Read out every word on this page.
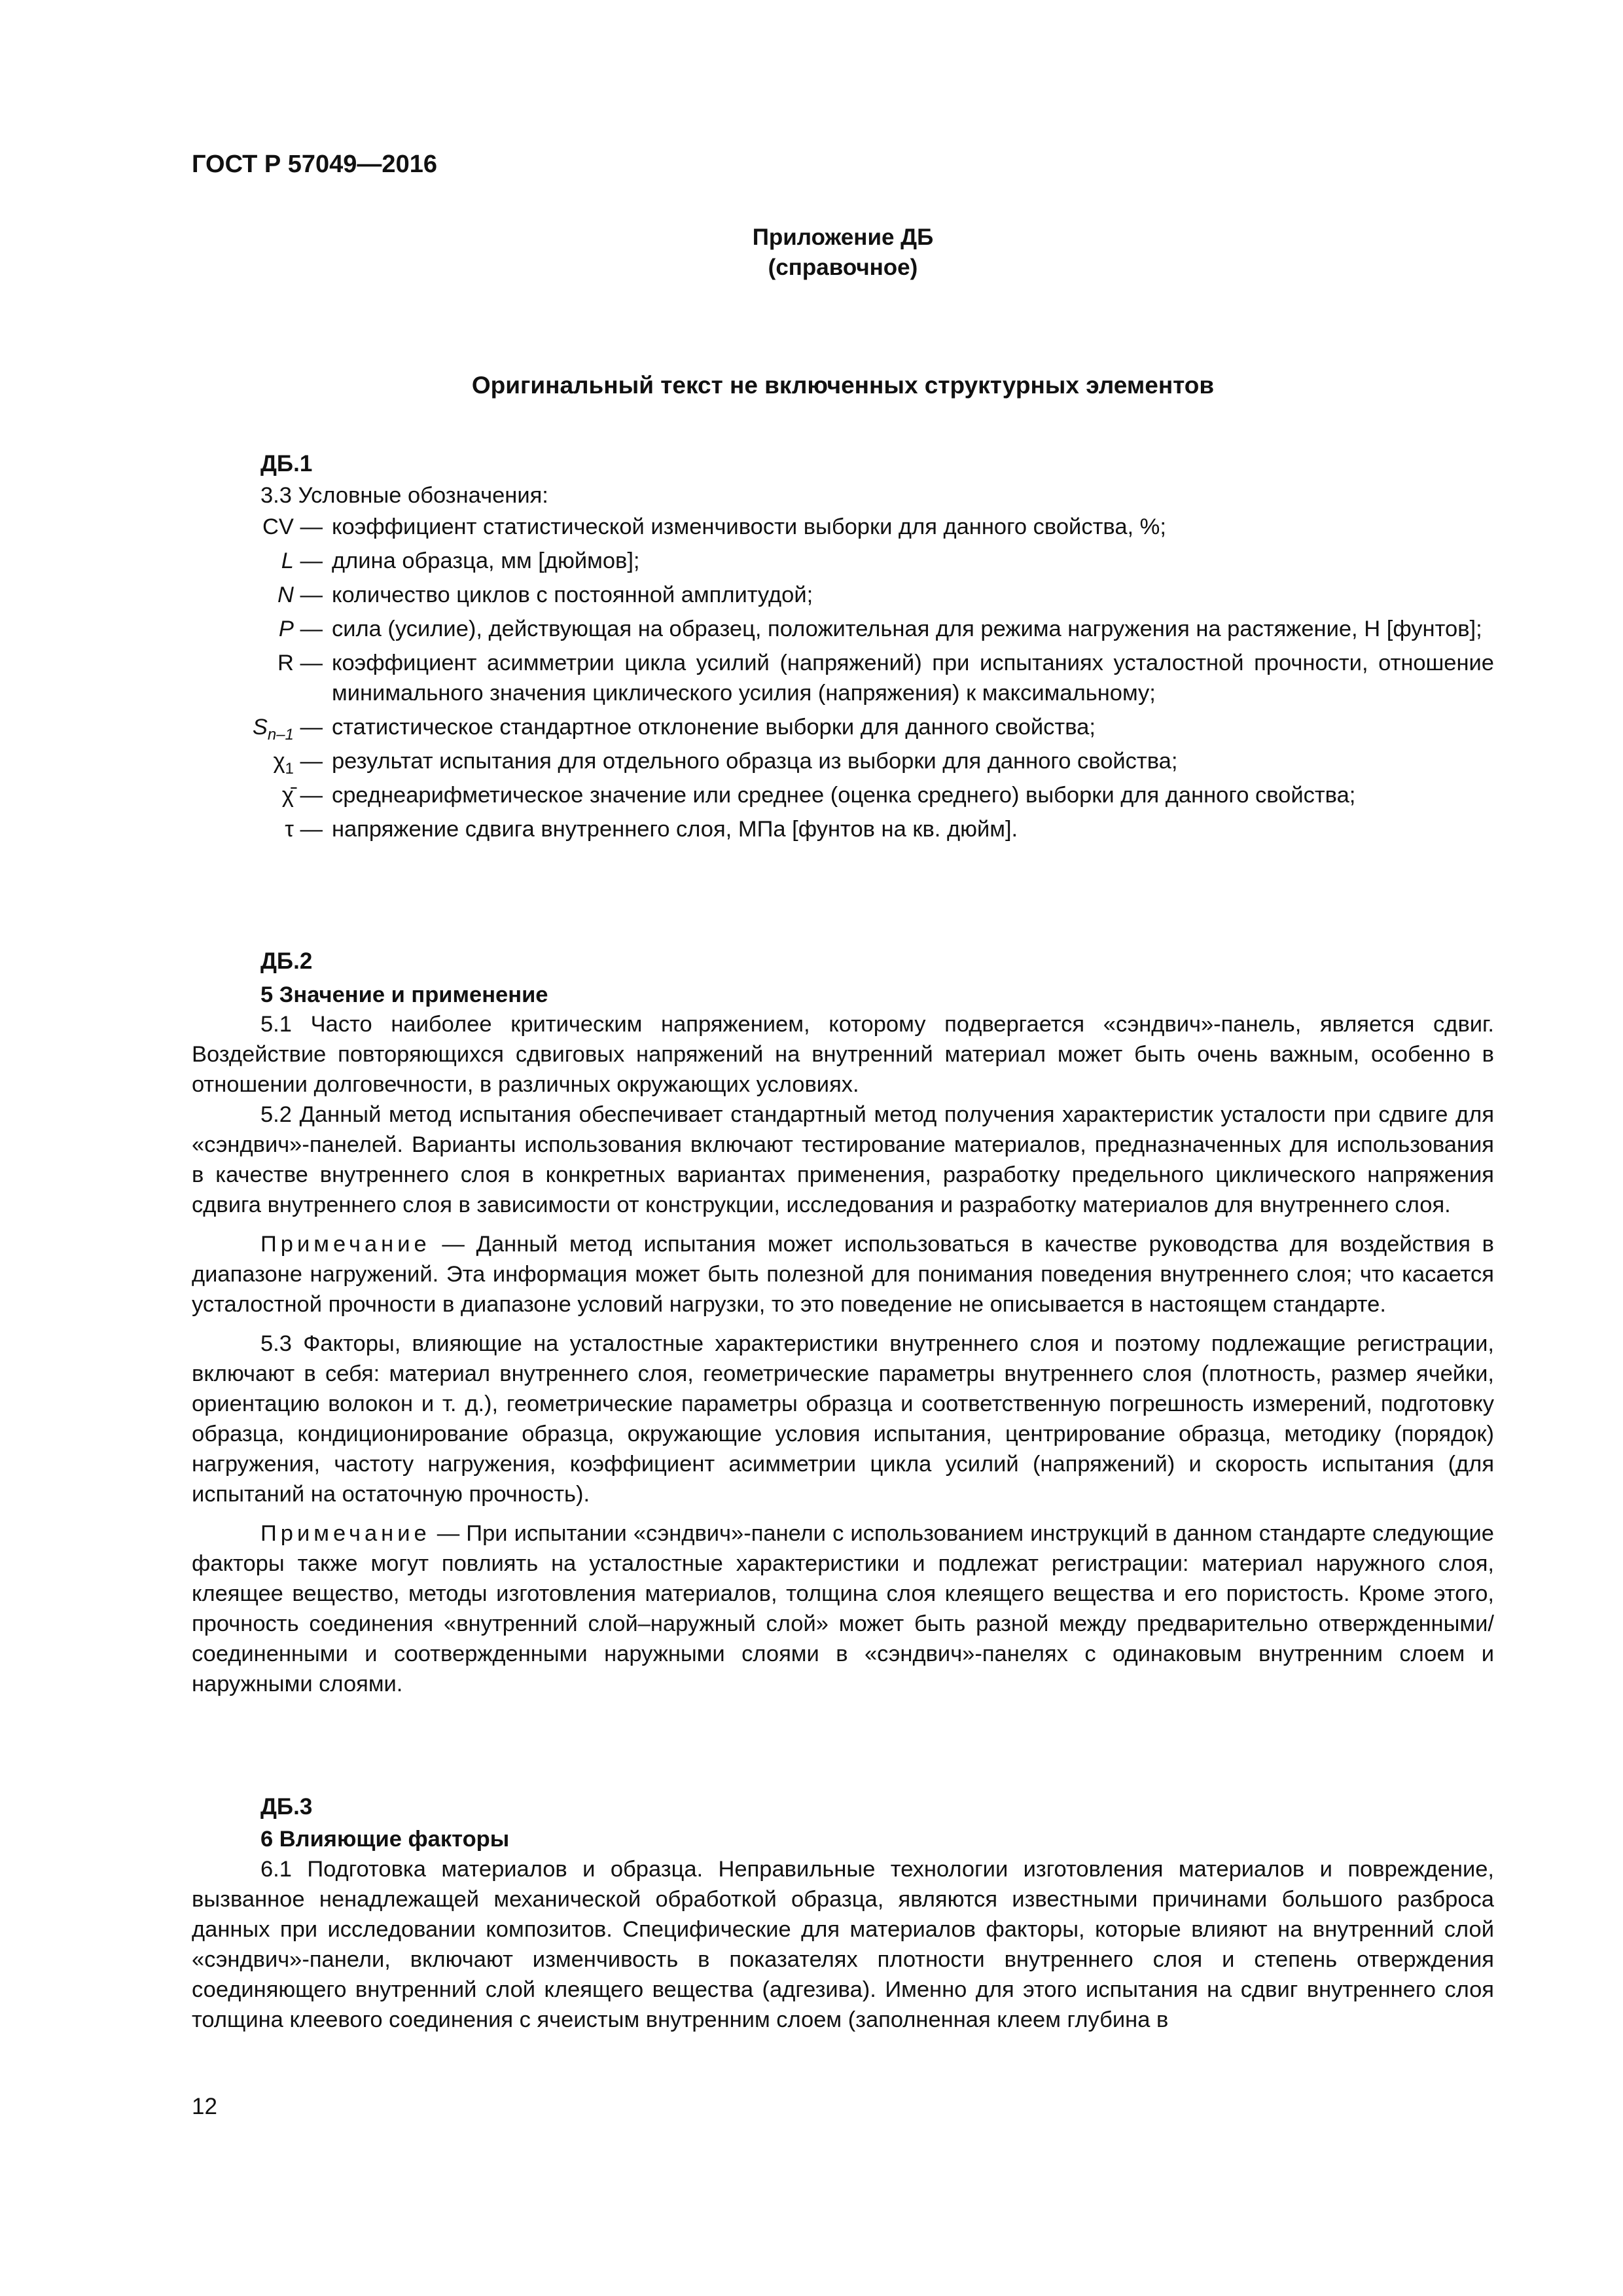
ГОСТ Р 57049—2016
Приложение ДБ
(справочное)
Оригинальный текст не включенных структурных элементов
ДБ.1
3.3 Условные обозначения:
CV — коэффициент статистической изменчивости выборки для данного свойства, %;
L — длина образца, мм [дюймов];
N — количество циклов с постоянной амплитудой;
P — сила (усилие), действующая на образец, положительная для режима нагружения на растяжение, Н [фунтов];
R — коэффициент асимметрии цикла усилий (напряжений) при испытаниях усталостной прочности, отношение минимального значения циклического усилия (напряжения) к максимальному;
$S_{n-1}$ — статистическое стандартное отклонение выборки для данного свойства;
$\chi_1$ — результат испытания для отдельного образца из выборки для данного свойства;
χ̄ — среднеарифметическое значение или среднее (оценка среднего) выборки для данного свойства;
τ — напряжение сдвига внутреннего слоя, МПа [фунтов на кв. дюйм].
ДБ.2
5 Значение и применение

5.1 Часто наиболее критическим напряжением, которому подвергается «сэндвич»-панель, является сдвиг. Воздействие повторяющихся сдвиговых напряжений на внутренний материал может быть очень важным, особенно в отношении долговечности, в различных окружающих условиях.

5.2 Данный метод испытания обеспечивает стандартный метод получения характеристик усталости при сдвиге для «сэндвич»-панелей. Варианты использования включают тестирование материалов, предназначенных для использования в качестве внутреннего слоя в конкретных вариантах применения, разработку предельного циклического напряжения сдвига внутреннего слоя в зависимости от конструкции, исследования и разработку материалов для внутреннего слоя.

Примечание — Данный метод испытания может использоваться в качестве руководства для воздействия в диапазоне нагружений. Эта информация может быть полезной для понимания поведения внутреннего слоя; что касается усталостной прочности в диапазоне условий нагрузки, то это поведение не описывается в настоящем стандарте.

5.3 Факторы, влияющие на усталостные характеристики внутреннего слоя и поэтому подлежащие регистрации, включают в себя: материал внутреннего слоя, геометрические параметры внутреннего слоя (плотность, размер ячейки, ориентацию волокон и т. д.), геометрические параметры образца и соответственную погрешность измерений, подготовку образца, кондиционирование образца, окружающие условия испытания, центрирование образца, методику (порядок) нагружения, частоту нагружения, коэффициент асимметрии цикла усилий (напряжений) и скорость испытания (для испытаний на остаточную прочность).

Примечание — При испытании «сэндвич»-панели с использованием инструкций в данном стандарте следующие факторы также могут повлиять на усталостные характеристики и подлежат регистрации: материал наружного слоя, клеящее вещество, методы изготовления материалов, толщина слоя клеящего вещества и его пористость. Кроме этого, прочность соединения «внутренний слой–наружный слой» может быть разной между предварительно отвержденными/соединенными и соотвержденными наружными слоями в «сэндвич»-панелях с одинаковым внутренним слоем и наружными слоями.

ДБ.3
6 Влияющие факторы

6.1 Подготовка материалов и образца. Неправильные технологии изготовления материалов и повреждение, вызванное ненадлежащей механической обработкой образца, являются известными причинами большого разброса данных при исследовании композитов. Специфические для материалов факторы, которые влияют на внутренний слой «сэндвич»-панели, включают изменчивость в показателях плотности внутреннего слоя и степень отверждения соединяющего внутренний слой клеящего вещества (адгезива). Именно для этого испытания на сдвиг внутреннего слоя толщина клеевого соединения с ячеистым внутренним слоем (заполненная клеем глубина в

12
